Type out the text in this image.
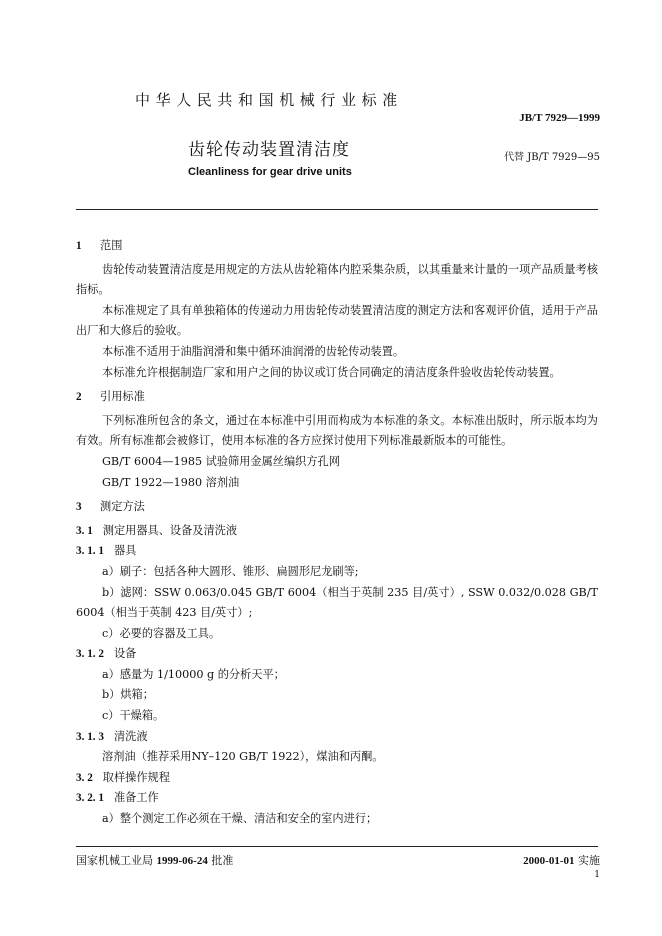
中华人民共和国机械行业标准
JB/T 7929—1999
齿轮传动装置清洁度	代替 JB/T 7929—95
Cleanliness for gear drive units
1 范围

齿轮传动装置清洁度是用规定的方法从齿轮箱体内腔采集杂质，以其重量来计量的一项产品质量考核指标。

本标准规定了具有单独箱体的传递动力用齿轮传动装置清洁度的测定方法和客观评价值，适用于产品出厂和大修后的验收。

本标准不适用于油脂润滑和集中循环油润滑的齿轮传动装置。

本标准允许根据制造厂家和用户之间的协议或订货合同确定的清洁度条件验收齿轮传动装置。

2 引用标准

下列标准所包含的条文，通过在本标准中引用而构成为本标准的条文。本标准出版时，所示版本均为有效。所有标准都会被修订，使用本标准的各方应探讨使用下列标准最新版本的可能性。

GB/T 6004—1985 试验筛用金属丝编织方孔网

GB/T 1922—1980 溶剂油

3 测定方法
3. 1 测定用器具、设备及清洗液
3. 1. 1 器具

a）刷子：包括各种大圆形、锥形、扁圆形尼龙刷等;

b）滤网：SSW 0.063/0.045 GB/T 6004（相当于英制 235 目/英寸）, SSW 0.032/0.028 GB/T 6004（相当于英制 423 目/英寸）;

c）必要的容器及工具。

3. 1. 2 设备

a）感量为 1/10000 g 的分析天平；

b）烘箱；

c）干燥箱。

3. 1. 3 清洗液

溶剂油（推荐采用NY–120 GB/T 1922），煤油和丙酮。

3. 2 取样操作规程
3. 2. 1 准备工作

a）整个测定工作必须在干燥、清洁和安全的室内进行；

国家机械工业局 1999-06-24 批准	2000-01-01 实施
1
